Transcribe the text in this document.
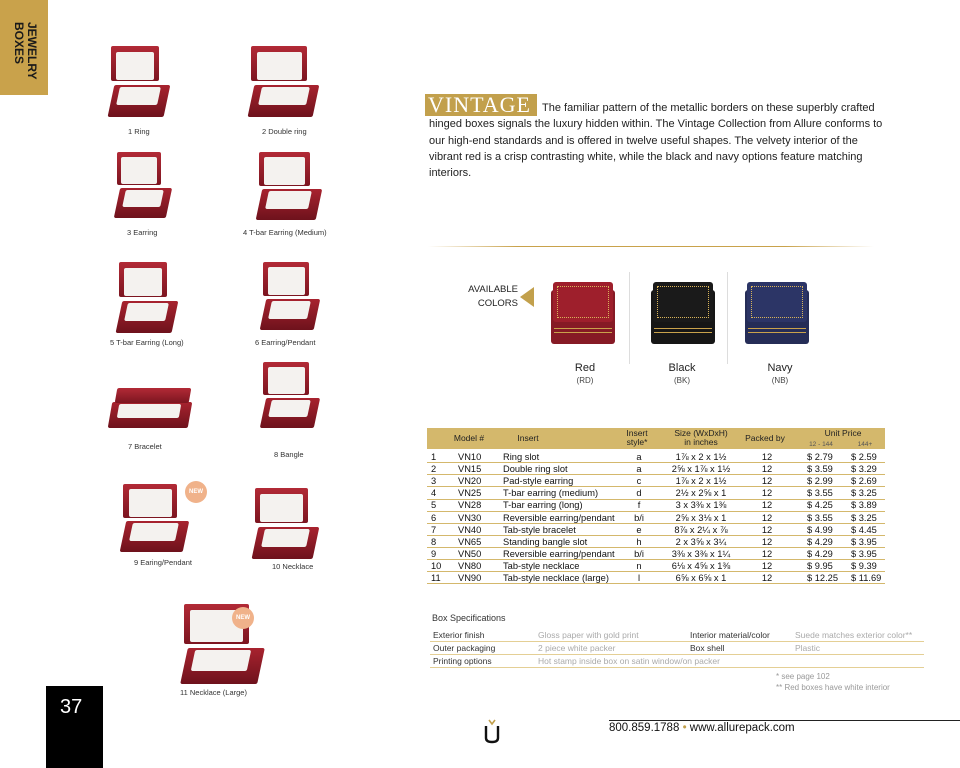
JEWELRY
BOXES
1 Ring	2 Double ring
3 Earring	4 T-bar Earring (Medium)
5 T-bar Earring (Long)	6 Earring/Pendant
7 Bracelet
8 Bangle
9 Earing/Pendant
NEW
10 Necklace
11 Necklace (Large)
NEW
37
VINTAGE	The familiar pattern of the metallic borders on these superbly crafted hinged boxes signals the luxury hidden within. The Vintage Collection from Allure conforms to our high-end standards and is offered in twelve useful shapes. The velvety interior of the vibrant red is a crisp contrasting white, while the black and navy options feature matching interiors.

AVAILABLE
COLORS
Red
(RD)
Black
(BK)
Navy
(NB)
Model #	Insert	Insert
style*
Size (WxDxH)
in inches	Packed by	Unit Price
12 - 144	144+
1 VN10 Ring slot	a	1⅞ x 2 x 1½	12	$ 2.79 $ 2.59
2 VN15 Double ring slot	a	2⅝ x 1⅞ x 1½	12	$ 3.59 $ 3.29
3 VN20 Pad-style earring	c	1⅞ x 2 x 1½	12	$ 2.99 $ 2.69
4 VN25 T-bar earring (medium)	d	2½ x 2⅝ x 1	12	$ 3.55 $ 3.25
5 VN28 T-bar earring (long)	f	3 x 3⅜ x 1⅜	12	$ 4.25 $ 3.89
6 VN30 Reversible earring/pendant	b/i	2⅝ x 3⅛ x 1	12	$ 3.55 $ 3.25
7 VN40 Tab-style bracelet	e	8⅞ x 2¼ x ⅞	12	$ 4.99 $ 4.45
8 VN65 Standing bangle slot	h	2 x 3⅝ x 3¼	12	$ 4.29 $ 3.95
9 VN50 Reversible earring/pendant	b/i	3⅜ x 3⅜ x 1¼	12	$ 4.29 $ 3.95
10 VN80 Tab-style necklace	n	6⅛ x 4⅝ x 1⅜	12	$ 9.95 $ 9.39
11 VN90 Tab-style necklace (large)	l	6⅝ x 6⅝ x 1	12	$ 12.25 $ 11.69
Box Specifications
Exterior finish	Gloss paper with gold print	Interior material/color	Suede matches exterior color**
Outer packaging	2 piece white packer	Box shell	Plastic
Printing options	Hot stamp inside box on satin window/on packer
* see page 102
** Red boxes have white interior
800.859.1788 • www.allurepack.com
